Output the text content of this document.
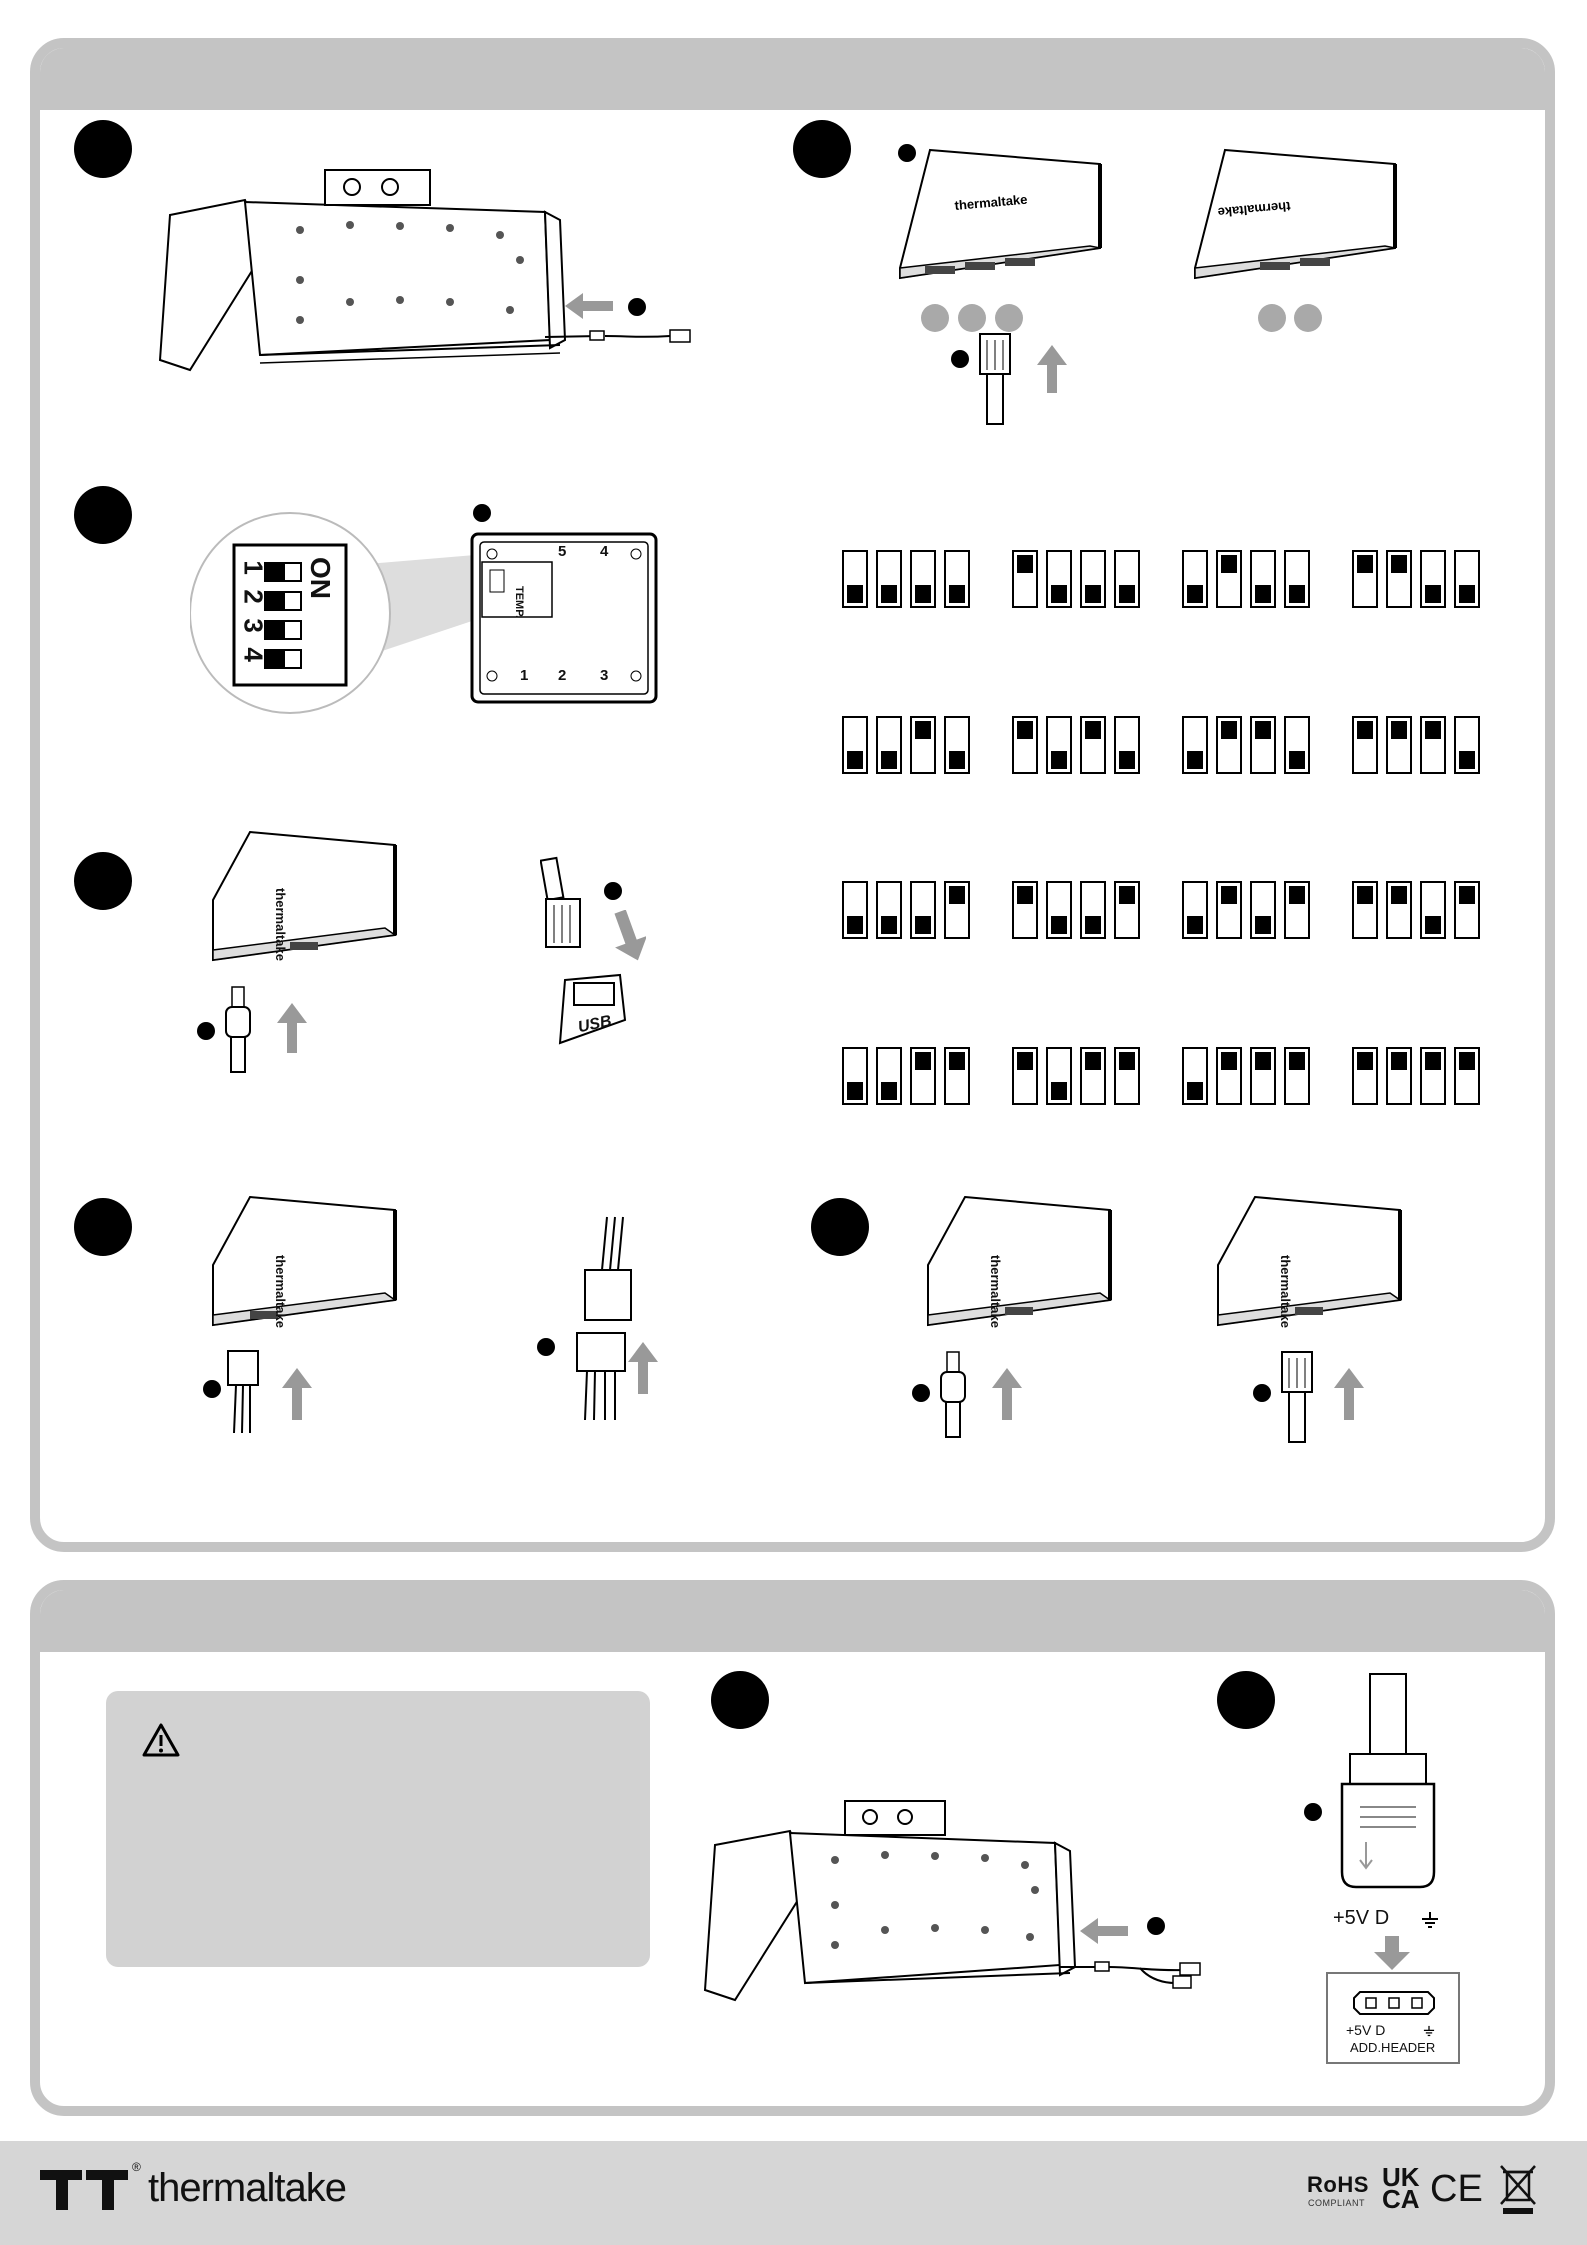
thermaltake	thermaltake
ON
1
2
3
4
5 4
1 2 3
TEMP.
thermaltake
USB
thermaltake	thermaltake	thermaltake
+5V D
+5V D
ADD.HEADER
® thermaltake	RoHS
COMPLIANT
UK CA CE
